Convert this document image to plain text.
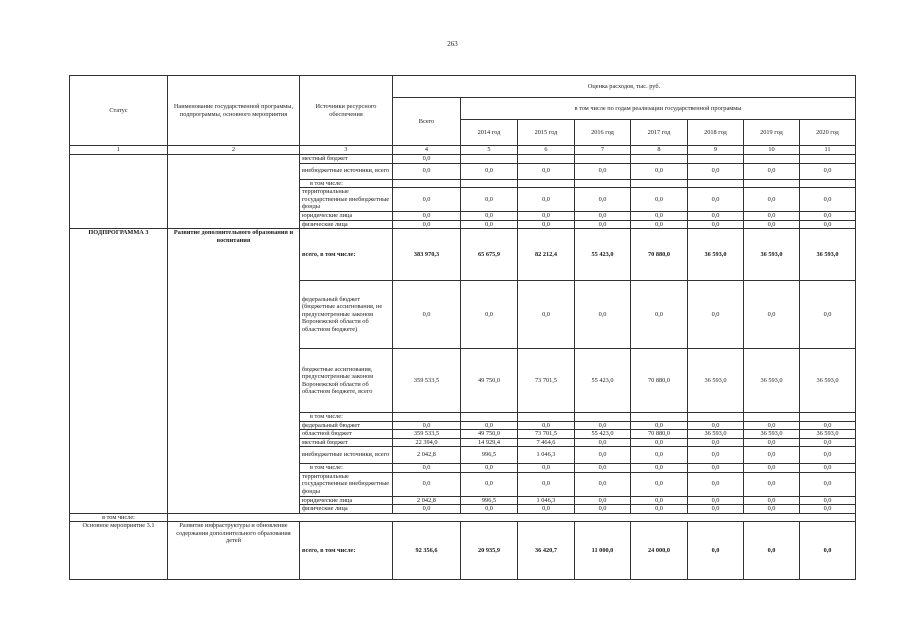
263
Статус	Наименование государственной программы, подпрограммы, основного мероприятия	Источники ресурсного обеспечения	Оценка расходов, тыс. руб.							
			Всего	в том числе по годам реализации государственной программы						
				2014 год	2015 год	2016 год	2017 год	2018 год	2019 год	2020 год
1	2	3	4	5	6	7	8	9	10	11
		местный бюджет	0,0							
		внебюджетные источники, всего	0,0	0,0	0,0	0,0	0,0	0,0	0,0	0,0
		в том числе:								
		территориальные государственные внебюджетные фонды	0,0	0,0	0,0	0,0	0,0	0,0	0,0	0,0
		юридические лица	0,0	0,0	0,0	0,0	0,0	0,0	0,0	0,0
		физические лица	0,0	0,0	0,0	0,0	0,0	0,0	0,0	0,0
ПОДПРОГРАММА 3	Развитие дополнительного образования и воспитания	всего, в том числе:	383 970,3	65 675,9	82 212,4	55 423,0	70 880,0	36 593,0	36 593,0	36 593,0
		федеральный бюджет (бюджетные ассигнования, не предусмотренные законом Воронежской области об областном бюджете)	0,0	0,0	0,0	0,0	0,0	0,0	0,0	0,0
		бюджетные ассигнования, предусмотренные законом Воронежской области об областном бюджете, всего	359 533,5	49 750,0	73 701,5	55 423,0	70 880,0	36 593,0	36 593,0	36 593,0
		в том числе:								
		федеральный бюджет	0,0	0,0	0,0	0,0	0,0	0,0	0,0	0,0
		областной бюджет	359 533,5	49 750,0	73 701,5	55 423,0	70 880,0	36 593,0	36 593,0	36 593,0
		местный бюджет	22 394,0	14 929,4	7 464,6	0,0	0,0	0,0	0,0	0,0
		внебюджетные источники, всего	2 042,8	996,5	1 046,3	0,0	0,0	0,0	0,0	0,0
		в том числе:	0,0	0,0	0,0	0,0	0,0	0,0	0,0	0,0
		территориальные государственные внебюджетные фонды	0,0	0,0	0,0	0,0	0,0	0,0	0,0	0,0
		юридические лица	2 042,8	996,5	1 046,3	0,0	0,0	0,0	0,0	0,0
		физические лица	0,0	0,0	0,0	0,0	0,0	0,0	0,0	0,0
в том числе:										
Основное мероприятие 3.1	Развитие инфраструктуры и обновление содержания дополнительного образования детей	всего, в том числе:	92 356,6	20 935,9	36 420,7	11 000,0	24 000,0	0,0	0,0	0,0
